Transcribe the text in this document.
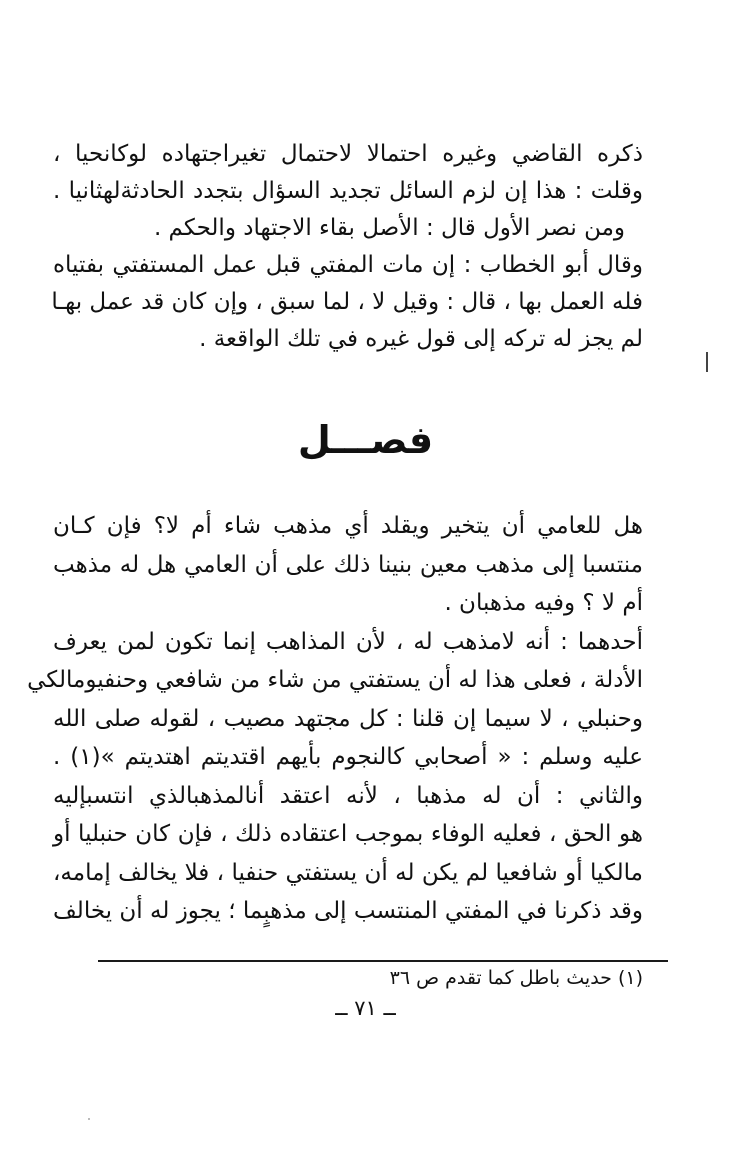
ذكره القاضي وغيره احتمالا لاحتمال تغيراجتهاده لوكانحيا ،
وقلت : هذا إن لزم السائل تجديد السؤال بتجدد الحادثةلهثانيا .
ومن نصر الأول قال : الأصل بقاء الاجتهاد والحكم .
وقال أبو الخطاب : إن مات المفتي قبل عمل المستفتي بفتياه
فله العمل بها ، قال : وقيل لا ، لما سبق ، وإن كان قد عمل بهـا
لم يجز له تركه إلى قول غيره في تلك الواقعة .
فصـــل
هل للعامي أن يتخير ويقلد أي مذهب شاء أم لا؟ فإن كـان
منتسبا إلى مذهب معين بنينا ذلك على أن العامي هل له مذهب
أم لا ؟ وفيه مذهبان .
أحدهما : أنه لامذهب له ، لأن المذاهب إنما تكون لمن يعرف
الأدلة ، فعلى هذا له أن يستفتي من شاء من شافعي وحنفيومالكي
وحنبلي ، لا سيما إن قلنا : كل مجتهد مصيب ، لقوله صلى الله
عليه وسلم : « أصحابي كالنجوم بأيهم اقتديتم اهتديتم »(١) .
والثاني : أن له مذهبا ، لأنه اعتقد أنالمذهبالذي انتسبإليه
هو الحق ، فعليه الوفاء بموجب اعتقاده ذلك ، فإن كان حنبليا أو
مالكيا أو شافعيا لم يكن له أن يستفتي حنفيا ، فلا يخالف إمامه،
وقد ذكرنا في المفتي المنتسب إلى مذهبٍما ؛ يجوز له أن يخالف
(١) حديث باطل كما تقدم ص ٣٦
ــ ٧١ ــ
